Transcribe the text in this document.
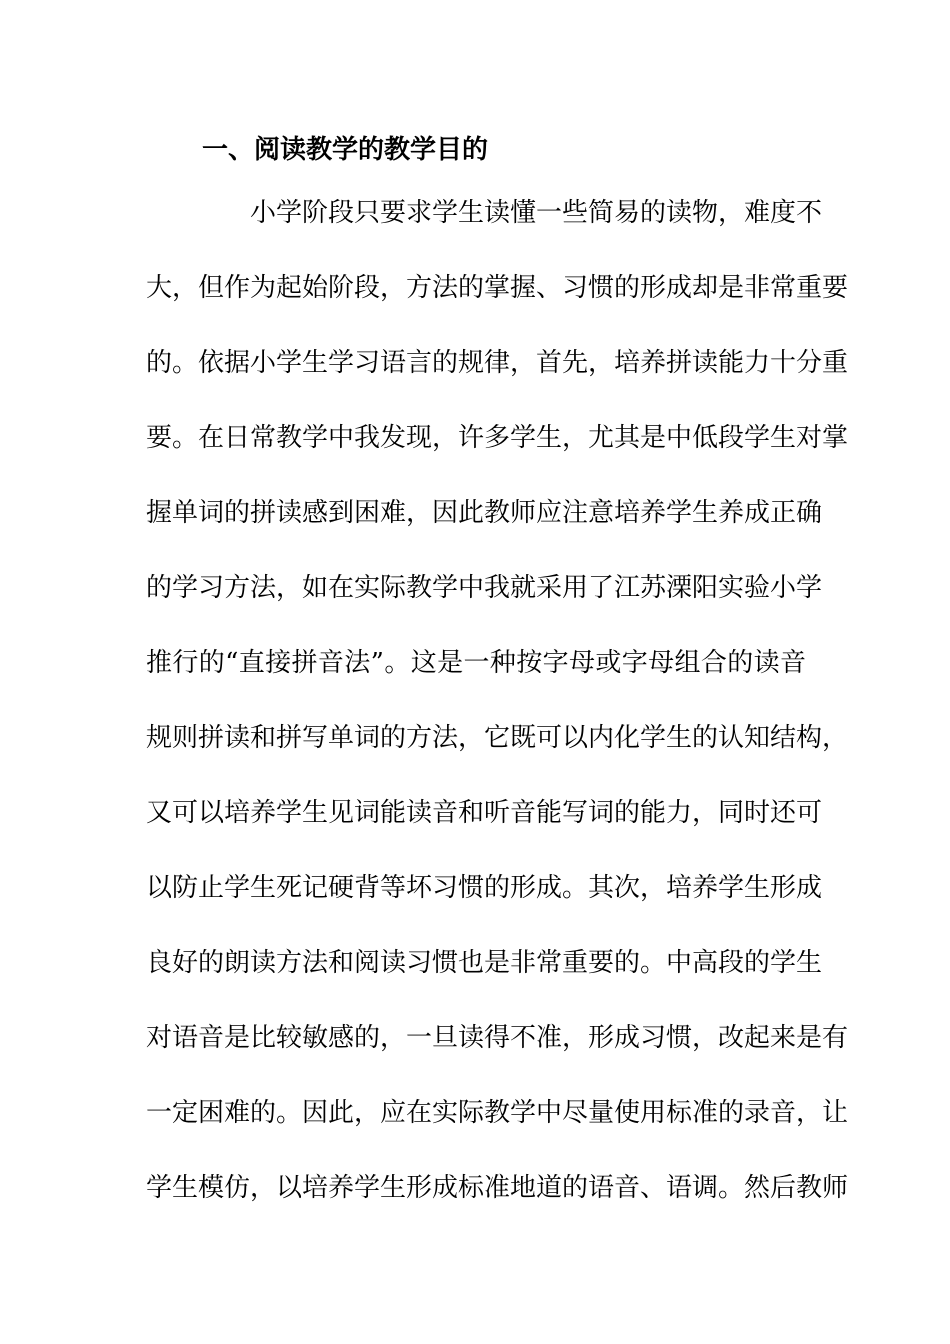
一、阅读教学的教学目的
小学阶段只要求学生读懂一些简易的读物，难度不
大，但作为起始阶段，方法的掌握、习惯的形成却是非常重要
的。依据小学生学习语言的规律，首先，培养拼读能力十分重
要。在日常教学中我发现，许多学生，尤其是中低段学生对掌
握单词的拼读感到困难，因此教师应注意培养学生养成正确
的学习方法，如在实际教学中我就采用了江苏溧阳实验小学
推行的“直接拼音法”。这是一种按字母或字母组合的读音
规则拼读和拼写单词的方法，它既可以内化学生的认知结构，
又可以培养学生见词能读音和听音能写词的能力，同时还可
以防止学生死记硬背等坏习惯的形成。其次，培养学生形成
良好的朗读方法和阅读习惯也是非常重要的。中高段的学生
对语音是比较敏感的，一旦读得不准，形成习惯，改起来是有
一定困难的。因此，应在实际教学中尽量使用标准的录音，让
学生模仿，以培养学生形成标准地道的语音、语调。然后教师
